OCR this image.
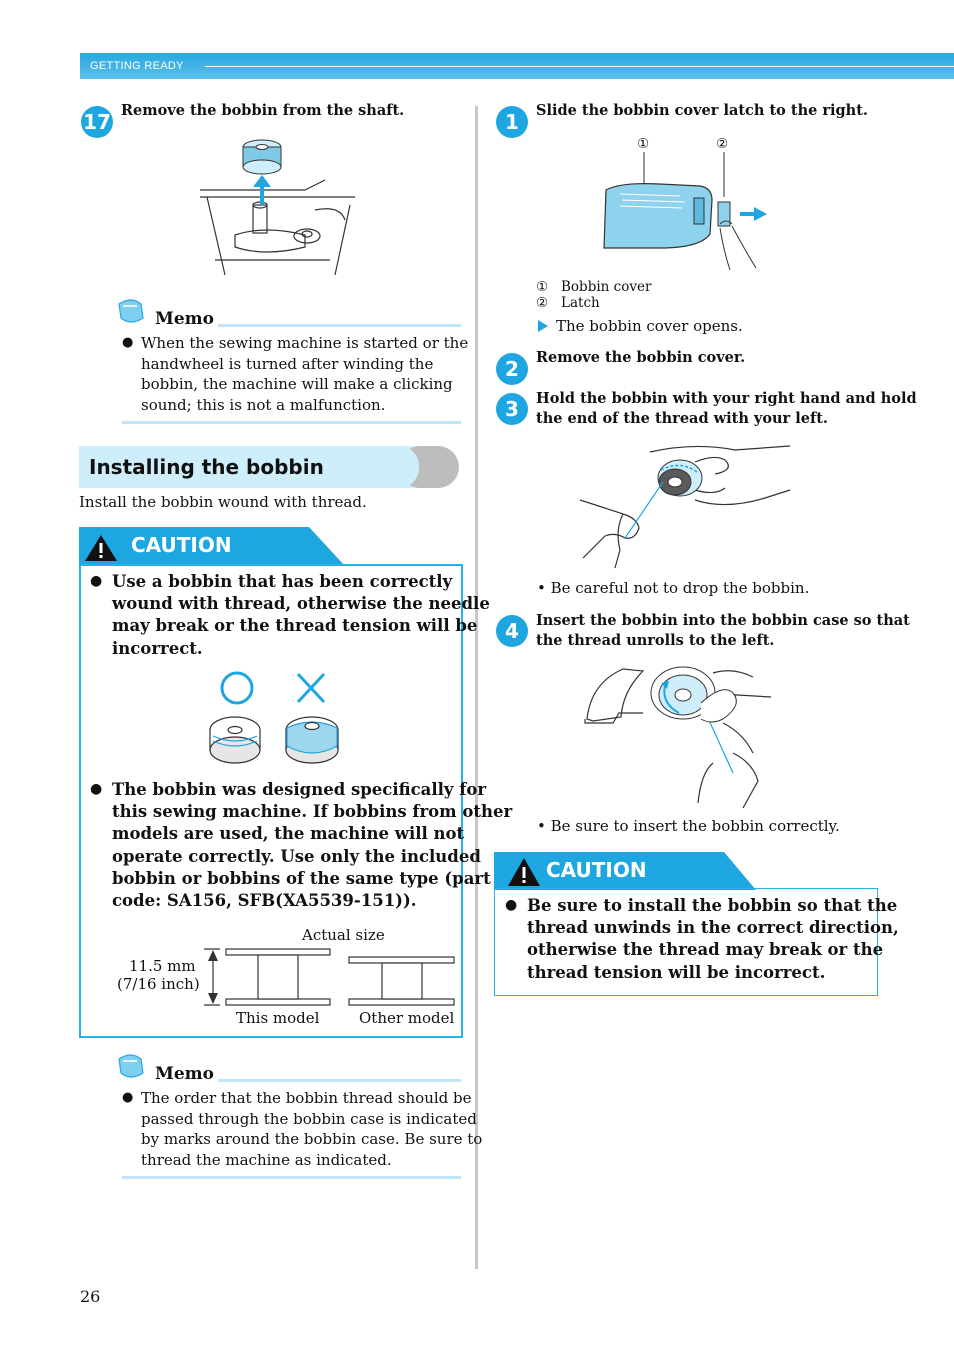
GETTING READY
17 Remove the bobbin from the shaft.
Memo
● When the sewing machine is started or the
handwheel is turned after winding the
bobbin, the machine will make a clicking
sound; this is not a malfunction.
Installing the bobbin
Install the bobbin wound with thread.
CAUTION
● Use a bobbin that has been correctly
wound with thread, otherwise the needle
may break or the thread tension will be
incorrect.
● The bobbin was designed specifically for
this sewing machine. If bobbins from other
models are used, the machine will not
operate correctly. Use only the included
bobbin or bobbins of the same type (part
code: SA156, SFB(XA5539-151)).
Actual size
11.5 mm
(7/16 inch)
This model	Other model
Memo
● The order that the bobbin thread should be
passed through the bobbin case is indicated
by marks around the bobbin case. Be sure to
thread the machine as indicated.
26
1	Slide the bobbin cover latch to the right.
①	②
① Bobbin cover
② Latch
The bobbin cover opens.
2	Remove the bobbin cover.
3	Hold the bobbin with your right hand and hold
the end of the thread with your left.
• Be careful not to drop the bobbin.
4	Insert the bobbin into the bobbin case so that
the thread unrolls to the left.
• Be sure to insert the bobbin correctly.
CAUTION
● Be sure to install the bobbin so that the
thread unwinds in the correct direction,
otherwise the thread may break or the
thread tension will be incorrect.
